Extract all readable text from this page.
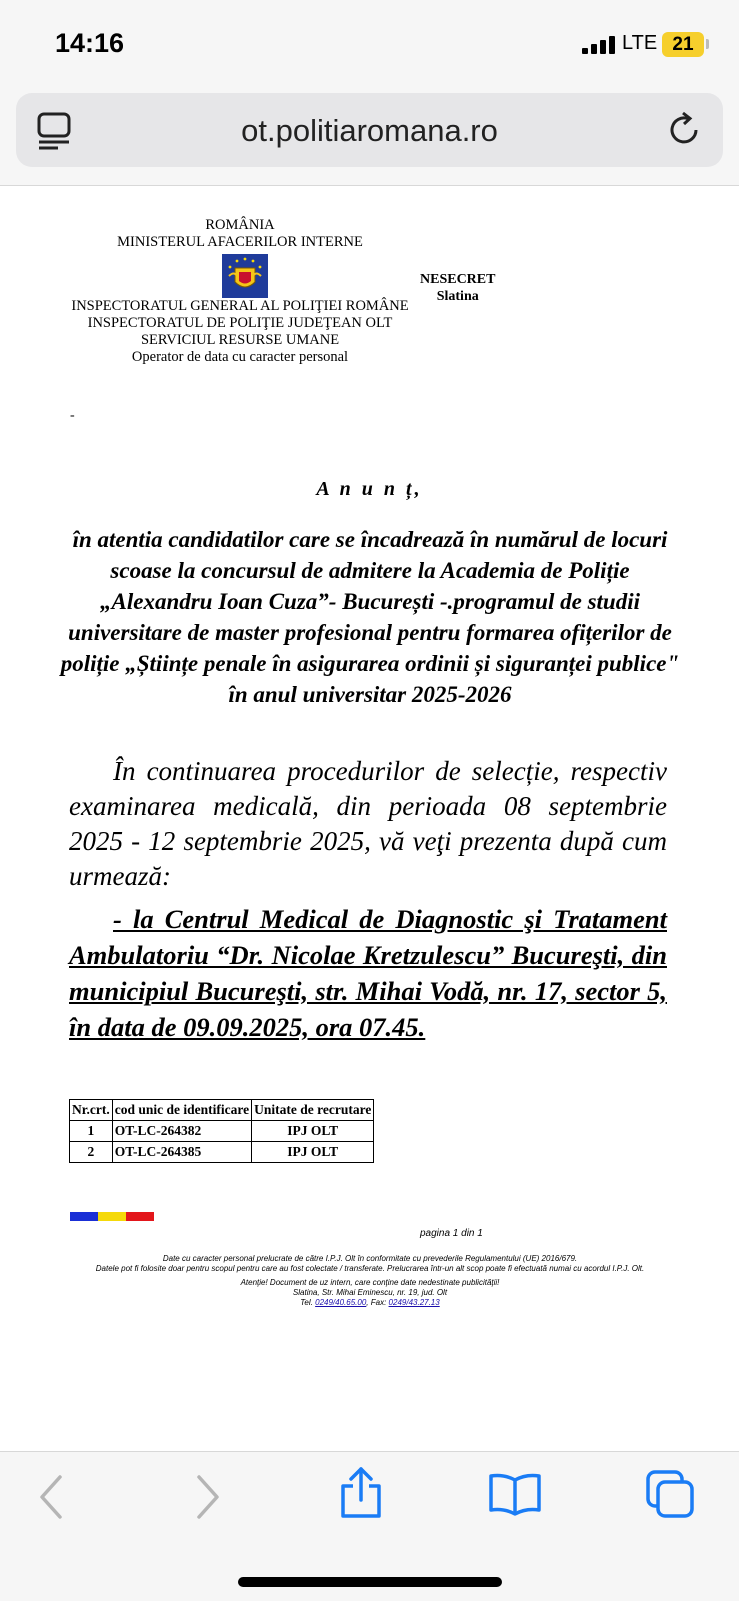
14:16	LTE 21
ot.politiaromana.ro
ROMÂNIA
MINISTERUL AFACERILOR INTERNE
NESECRET
Slatina
INSPECTORATUL GENERAL AL POLIŢIEI ROMÂNE
INSPECTORATUL DE POLIŢIE JUDEŢEAN OLT
SERVICIUL RESURSE UMANE
Operator de data cu caracter personal
-
A n u n ț,
în atentia candidatilor care se încadrează în numărul de locuri scoase la concursul de admitere la Academia de Poliție „Alexandru Ioan Cuza”- București -.programul de studii universitare de master profesional pentru formarea ofițerilor de poliție „Științe penale în asigurarea ordinii și siguranței publice" în anul universitar 2025-2026
În continuarea procedurilor de selecție, respectiv examinarea medicală, din perioada 08 septembrie 2025 - 12 septembrie 2025, vă veţi prezenta după cum urmează:
- la Centrul Medical de Diagnostic şi Tratament Ambulatoriu “Dr. Nicolae Kretzulescu” Bucureşti, din municipiul Bucureşti, str. Mihai Vodă, nr. 17, sector 5, în data de 09.09.2025, ora 07.45.
Nr.crt.	cod unic de identificare	Unitate de recrutare
1	OT-LC-264382	IPJ OLT
2	OT-LC-264385	IPJ OLT
pagina 1 din 1
Date cu caracter personal prelucrate de către I.P.J. Olt în conformitate cu prevederile Regulamentului (UE) 2016/679.
Datele pot fi folosite doar pentru scopul pentru care au fost colectate / transferate. Prelucrarea într-un alt scop poate fi efectuată numai cu acordul I.P.J. Olt.
Atenţie! Document de uz intern, care conţine date nedestinate publicităţii!
Slatina, Str. Mihai Eminescu, nr. 19, jud. Olt
Tel. 0249/40.65.00, Fax: 0249/43.27.13
